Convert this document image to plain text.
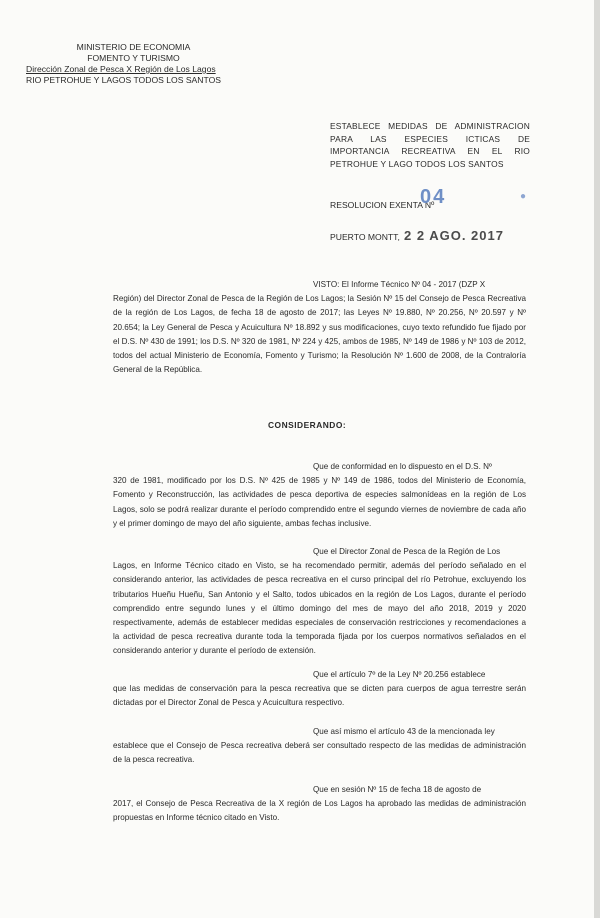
MINISTERIO DE ECONOMIA
FOMENTO Y TURISMO
Dirección Zonal de Pesca X Región de Los Lagos
RIO PETROHUE Y LAGOS TODOS LOS SANTOS
ESTABLECE MEDIDAS DE ADMINISTRACION PARA LAS ESPECIES ICTICAS DE IMPORTANCIA RECREATIVA EN EL RIO PETROHUE Y LAGO TODOS LOS SANTOS
RESOLUCION EXENTA Nº
04	●
PUERTO MONTT, 2 2 AGO. 2017
VISTO: El Informe Técnico Nº 04 - 2017 (DZP X
Región) del Director Zonal de Pesca de la Región de Los Lagos; la Sesión Nº 15 del Consejo de Pesca Recreativa de la región de Los Lagos, de fecha 18 de agosto de 2017; las Leyes Nº 19.880, Nº 20.256, Nº 20.597 y Nº 20.654; la Ley General de Pesca y Acuicultura Nº 18.892 y sus modificaciones, cuyo texto refundido fue fijado por el D.S. Nº 430 de 1991; los D.S. Nº 320 de 1981, Nº 224 y 425, ambos de 1985, Nº 149 de 1986 y Nº 103 de 2012, todos del actual Ministerio de Economía, Fomento y Turismo; la Resolución Nº 1.600 de 2008, de la Contraloría General de la República.
CONSIDERANDO:
Que de conformidad en lo dispuesto en el D.S. Nº
320 de 1981, modificado por los D.S. Nº 425 de 1985 y Nº 149 de 1986, todos del Ministerio de Economía, Fomento y Reconstrucción, las actividades de pesca deportiva de especies salmonídeas en la región de Los Lagos, solo se podrá realizar durante el período comprendido entre el segundo viernes de noviembre de cada año y el primer domingo de mayo del año siguiente, ambas fechas inclusive.
Que el Director Zonal de Pesca de la Región de Los
Lagos, en Informe Técnico citado en Visto, se ha recomendado permitir, además del período señalado en el considerando anterior, las actividades de pesca recreativa en el curso principal del río Petrohue, excluyendo los tributarios Hueñu Hueñu, San Antonio y el Salto, todos ubicados en la región de Los Lagos, durante el período comprendido entre segundo lunes y el último domingo del mes de mayo del año 2018, 2019 y 2020 respectivamente, además de establecer medidas especiales de conservación restricciones y recomendaciones a la actividad de pesca recreativa durante toda la temporada fijada por los cuerpos normativos señalados en el considerando anterior y durante el período de extensión.
Que el artículo 7º de la Ley Nº 20.256 establece
que las medidas de conservación para la pesca recreativa que se dicten para cuerpos de agua terrestre serán dictadas por el Director Zonal de Pesca y Acuicultura respectivo.
Que así mismo el artículo 43 de la mencionada ley
establece que el Consejo de Pesca recreativa deberá ser consultado respecto de las medidas de administración de la pesca recreativa.
Que en sesión Nº 15 de fecha 18 de agosto de
2017, el Consejo de Pesca Recreativa de la X región de Los Lagos ha aprobado las medidas de administración propuestas en Informe técnico citado en Visto.
